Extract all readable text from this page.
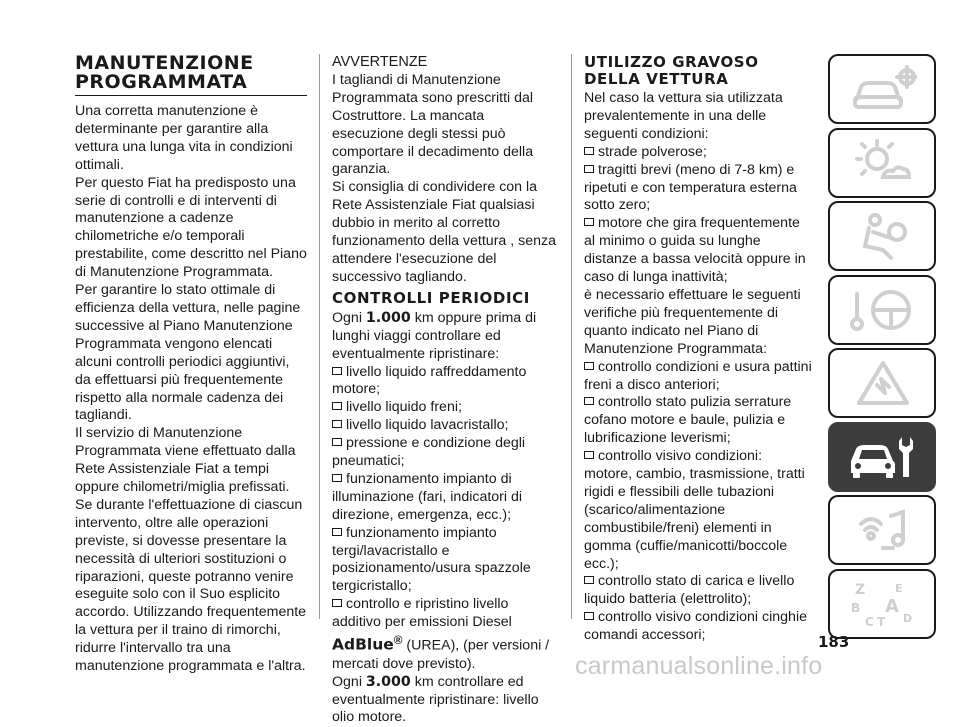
MANUTENZIONE
PROGRAMMATA

Una corretta manutenzione è determinante per garantire alla vettura una lunga vita in condizioni ottimali.

Per questo Fiat ha predisposto una serie di controlli e di interventi di manutenzione a cadenze chilometriche e/o temporali prestabilite, come descritto nel Piano di Manutenzione Programmata.

Per garantire lo stato ottimale di efficienza della vettura, nelle pagine successive al Piano Manutenzione Programmata vengono elencati alcuni controlli periodici aggiuntivi, da effettuarsi più frequentemente rispetto alla normale cadenza dei tagliandi.

Il servizio di Manutenzione Programmata viene effettuato dalla Rete Assistenziale Fiat a tempi oppure chilometri/miglia prefissati. Se durante l'effettuazione di ciascun intervento, oltre alle operazioni previste, si dovesse presentare la necessità di ulteriori sostituzioni o riparazioni, queste potranno venire eseguite solo con il Suo esplicito accordo. Utilizzando frequentemente la vettura per il traino di rimorchi, ridurre l'intervallo tra una manutenzione programmata e l'altra.

AVVERTENZE

I tagliandi di Manutenzione Programmata sono prescritti dal Costruttore. La mancata esecuzione degli stessi può comportare il decadimento della garanzia.

Si consiglia di condividere con la Rete Assistenziale Fiat qualsiasi dubbio in merito al corretto funzionamento della vettura , senza attendere l'esecuzione del successivo tagliando.

CONTROLLI PERIODICI

Ogni 1.000 km oppure prima di lunghi viaggi controllare ed eventualmente ripristinare:

livello liquido raffreddamento motore;

livello liquido freni;

livello liquido lavacristallo;

pressione e condizione degli pneumatici;

funzionamento impianto di illuminazione (fari, indicatori di direzione, emergenza, ecc.);

funzionamento impianto tergi/lavacristallo e posizionamento/usura spazzole tergicristallo;

controllo e ripristino livello additivo per emissioni Diesel AdBlue® (UREA), (per versioni / mercati dove previsto).

Ogni 3.000 km controllare ed eventualmente ripristinare: livello olio motore.

UTILIZZO GRAVOSO
DELLA VETTURA

Nel caso la vettura sia utilizzata prevalentemente in una delle seguenti condizioni:

strade polverose;

tragitti brevi (meno di 7-8 km) e ripetuti e con temperatura esterna sotto zero;

motore che gira frequentemente al minimo o guida su lunghe distanze a bassa velocità oppure in caso di lunga inattività;

è necessario effettuare le seguenti verifiche più frequentemente di quanto indicato nel Piano di Manutenzione Programmata:

controllo condizioni e usura pattini freni a disco anteriori;

controllo stato pulizia serrature cofano motore e baule, pulizia e lubrificazione leverismi;

controllo visivo condizioni: motore, cambio, trasmissione, tratti rigidi e flessibili delle tubazioni (scarico/alimentazione combustibile/freni) elementi in gomma (cuffie/manicotti/boccole ecc.);

controllo stato di carica e livello liquido batteria (elettrolito);

controllo visivo condizioni cinghie comandi accessori;

Z	E
B A
C T D
183
carmanualsonline.info
